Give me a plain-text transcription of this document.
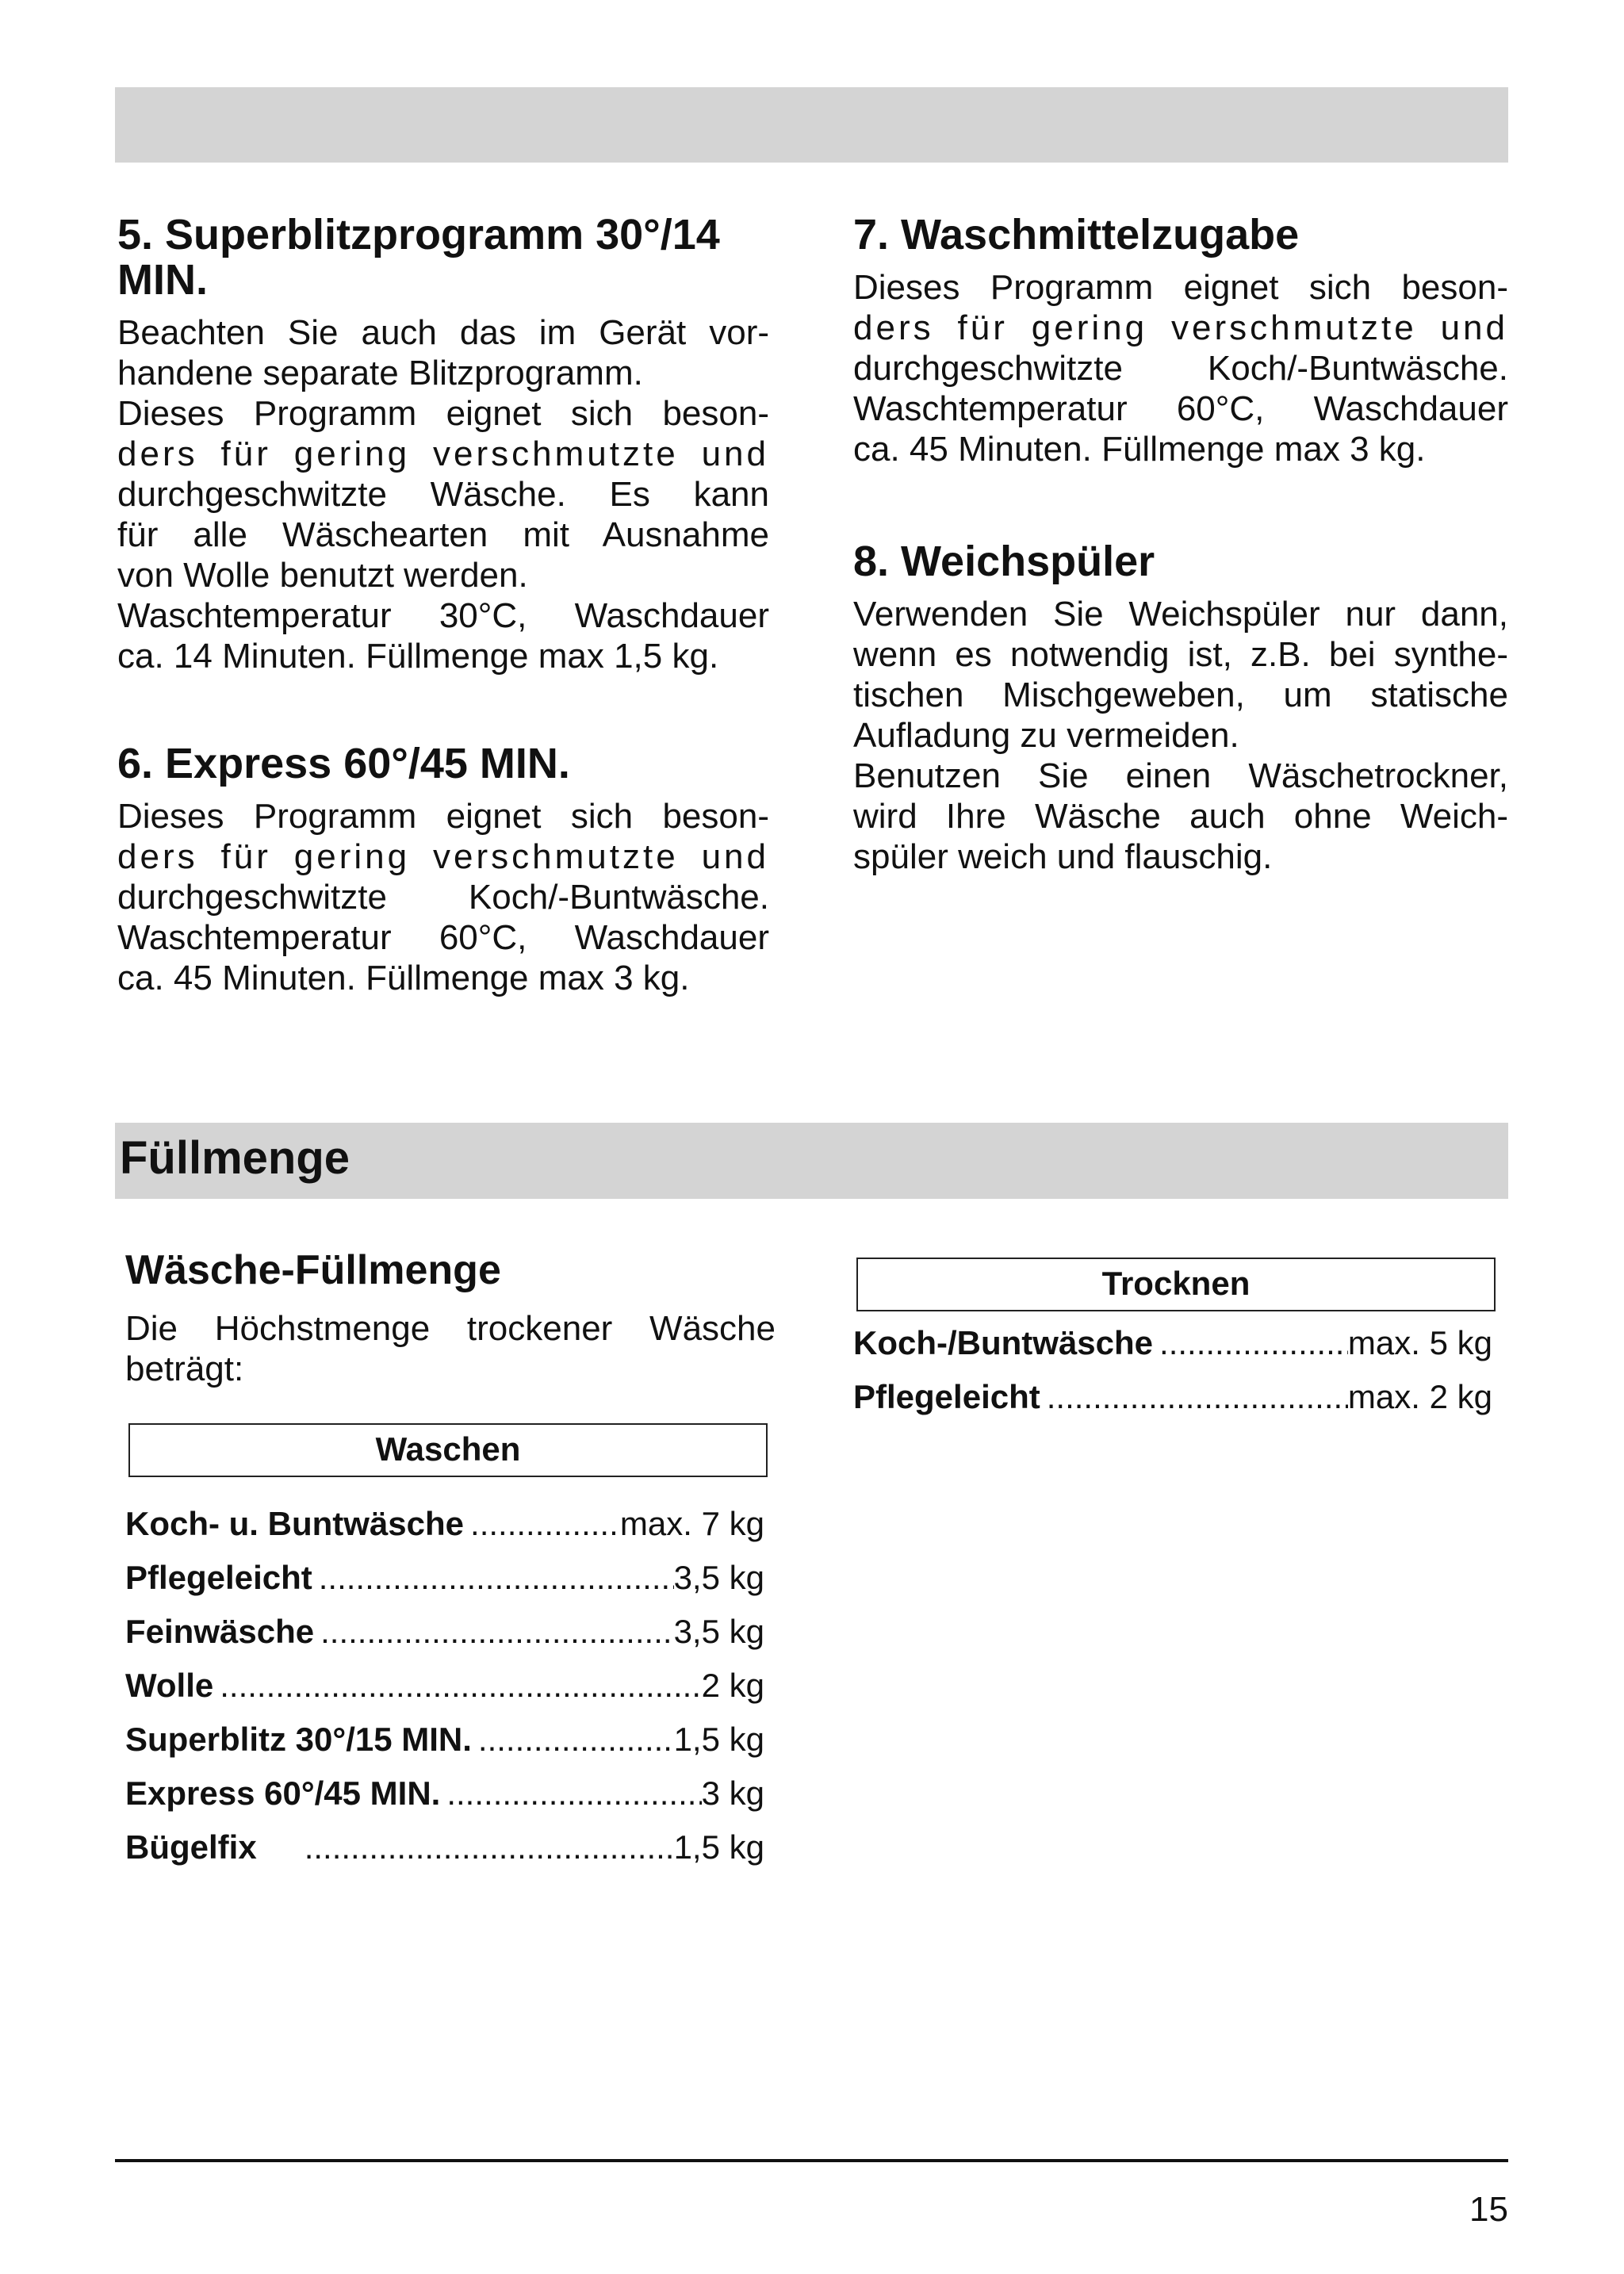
5. Superblitzprogramm 30°/14
MIN.
Beachten Sie auch das im Gerät vor-
handene separate Blitzprogramm.
Dieses Programm eignet sich beson-
ders für gering verschmutzte und
durchgeschwitzte Wäsche. Es kann
für alle Wäschearten mit Ausnahme
von Wolle benutzt werden.
Waschtemperatur 30°C, Waschdauer
ca. 14 Minuten. Füllmenge max 1,5 kg.
6. Express 60°/45 MIN.
Dieses Programm eignet sich beson-
ders für gering verschmutzte und
durchgeschwitzte Koch/-Buntwäsche.
Waschtemperatur 60°C, Waschdauer
ca. 45 Minuten. Füllmenge max 3 kg.
7. Waschmittelzugabe
Dieses Programm eignet sich beson-
ders für gering verschmutzte und
durchgeschwitzte Koch/-Buntwäsche.
Waschtemperatur 60°C, Waschdauer
ca. 45 Minuten. Füllmenge max 3 kg.
8. Weichspüler
Verwenden Sie Weichspüler nur dann,
wenn es notwendig ist, z.B. bei synthe-
tischen Mischgeweben, um statische
Aufladung zu vermeiden.
Benutzen Sie einen Wäschetrockner,
wird Ihre Wäsche auch ohne Weich-
spüler weich und flauschig.
Füllmenge
Wäsche-Füllmenge
Die Höchstmenge trockener Wäsche
beträgt:
Waschen
Koch- u. Buntwäsche .....	max. 7 kg
Pflegeleicht .....	3,5 kg
Feinwäsche .....	3,5 kg
Wolle .....	2 kg
Superblitz 30°/15 MIN. .....	1,5 kg
Express 60°/45 MIN. .....	3 kg
Bügelfix .....	1,5 kg
Trocknen
Koch-/Buntwäsche .....	max. 5 kg
Pflegeleicht .....	max. 2 kg
15
